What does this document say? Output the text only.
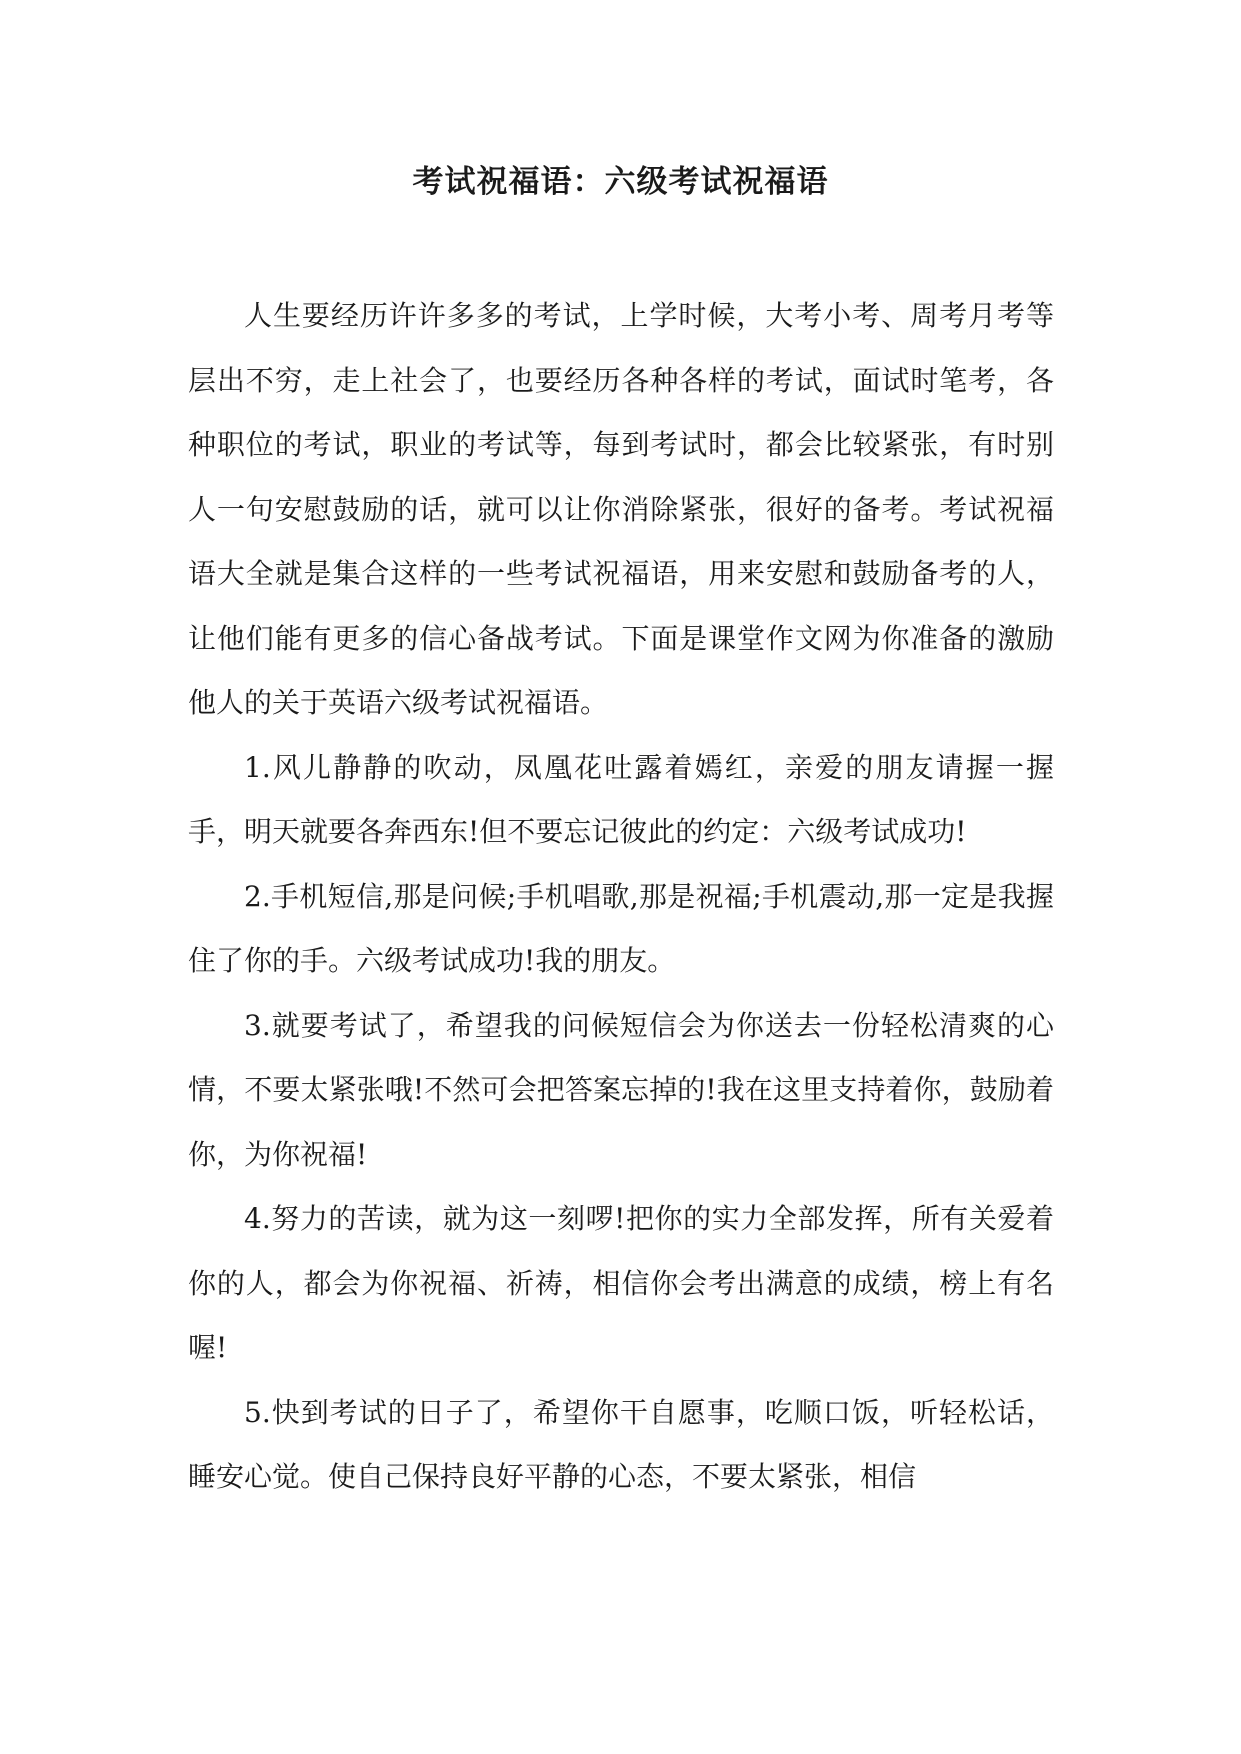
考试祝福语：六级考试祝福语

人生要经历许许多多的考试，上学时候，大考小考、周考月考等层出不穷，走上社会了，也要经历各种各样的考试，面试时笔考，各种职位的考试，职业的考试等，每到考试时，都会比较紧张，有时别人一句安慰鼓励的话，就可以让你消除紧张，很好的备考。考试祝福语大全就是集合这样的一些考试祝福语，用来安慰和鼓励备考的人，让他们能有更多的信心备战考试。下面是课堂作文网为你准备的激励他人的关于英语六级考试祝福语。

1.风儿静静的吹动，凤凰花吐露着嫣红，亲爱的朋友请握一握手，明天就要各奔西东!但不要忘记彼此的约定：六级考试成功!

2.手机短信,那是问候;手机唱歌,那是祝福;手机震动,那一定是我握住了你的手。六级考试成功!我的朋友。

3.就要考试了，希望我的问候短信会为你送去一份轻松清爽的心情，不要太紧张哦!不然可会把答案忘掉的!我在这里支持着你，鼓励着你，为你祝福!

4.努力的苦读，就为这一刻啰!把你的实力全部发挥，所有关爱着你的人，都会为你祝福、祈祷，相信你会考出满意的成绩，榜上有名喔!

5.快到考试的日子了，希望你干自愿事，吃顺口饭，听轻松话，睡安心觉。使自己保持良好平静的心态，不要太紧张，相信
